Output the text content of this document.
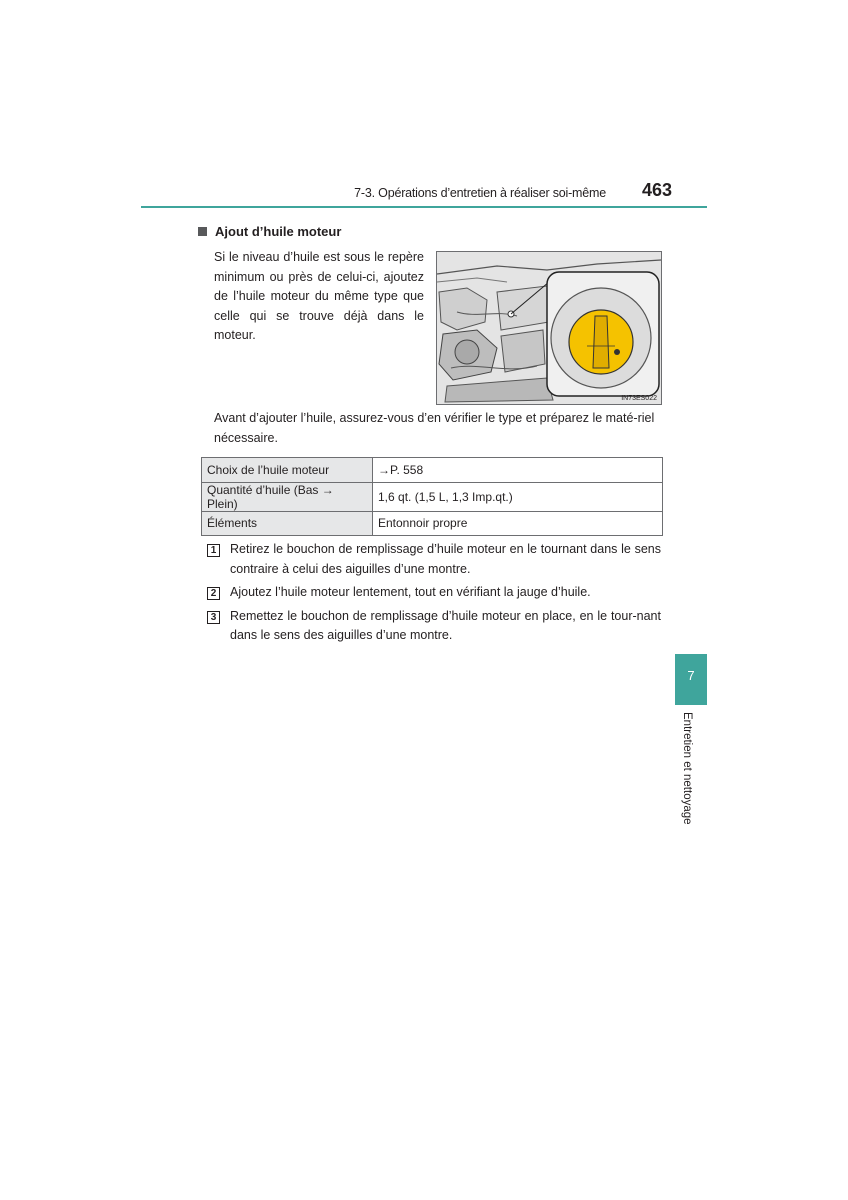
7-3. Opérations d’entretien à réaliser soi-même	463
Ajout d’huile moteur
Si le niveau d’huile est sous le repère minimum ou près de celui-ci, ajoutez de l’huile moteur du même type que celle qui se trouve déjà dans le moteur.
IN73ES022
Avant d’ajouter l’huile, assurez-vous d’en vérifier le type et préparez le maté-riel nécessaire.
Choix de l’huile moteur	→P. 558
Quantité d’huile (Bas → Plein)	1,6 qt. (1,5 L, 1,3 Imp.qt.)
Éléments	Entonnoir propre
1 Retirez le bouchon de remplissage d’huile moteur en le tournant dans le sens contraire à celui des aiguilles d’une montre.
2 Ajoutez l’huile moteur lentement, tout en vérifiant la jauge d’huile.
3 Remettez le bouchon de remplissage d’huile moteur en place, en le tour-nant dans le sens des aiguilles d’une montre.
7
Entretien et nettoyage
